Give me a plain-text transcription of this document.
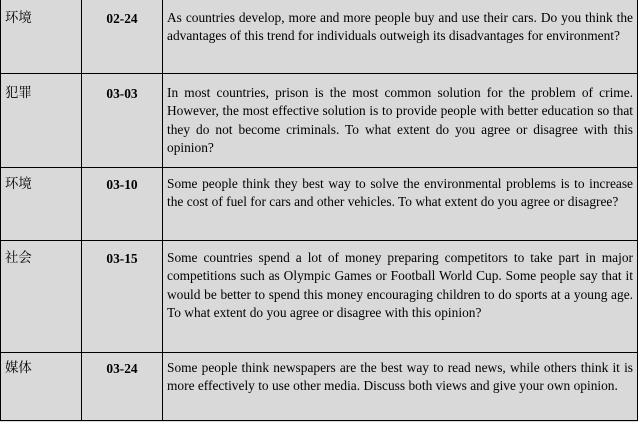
环境	02-24	As countries develop, more and more people buy and use their cars. Do you think the advantages of this trend for individuals outweigh its disadvantages for environment?
犯罪	03-03	In most countries, prison is the most common solution for the problem of crime. However, the most effective solution is to provide people with better education so that they do not become criminals. To what extent do you agree or disagree with this opinion?
环境	03-10	Some people think they best way to solve the environmental problems is to increase the cost of fuel for cars and other vehicles. To what extent do you agree or disagree?
社会	03-15	Some countries spend a lot of money preparing competitors to take part in major competitions such as Olympic Games or Football World Cup. Some people say that it would be better to spend this money encouraging children to do sports at a young age. To what extent do you agree or disagree with this opinion?
媒体	03-24	Some people think newspapers are the best way to read news, while others think it is more effectively to use other media. Discuss both views and give your own opinion.
